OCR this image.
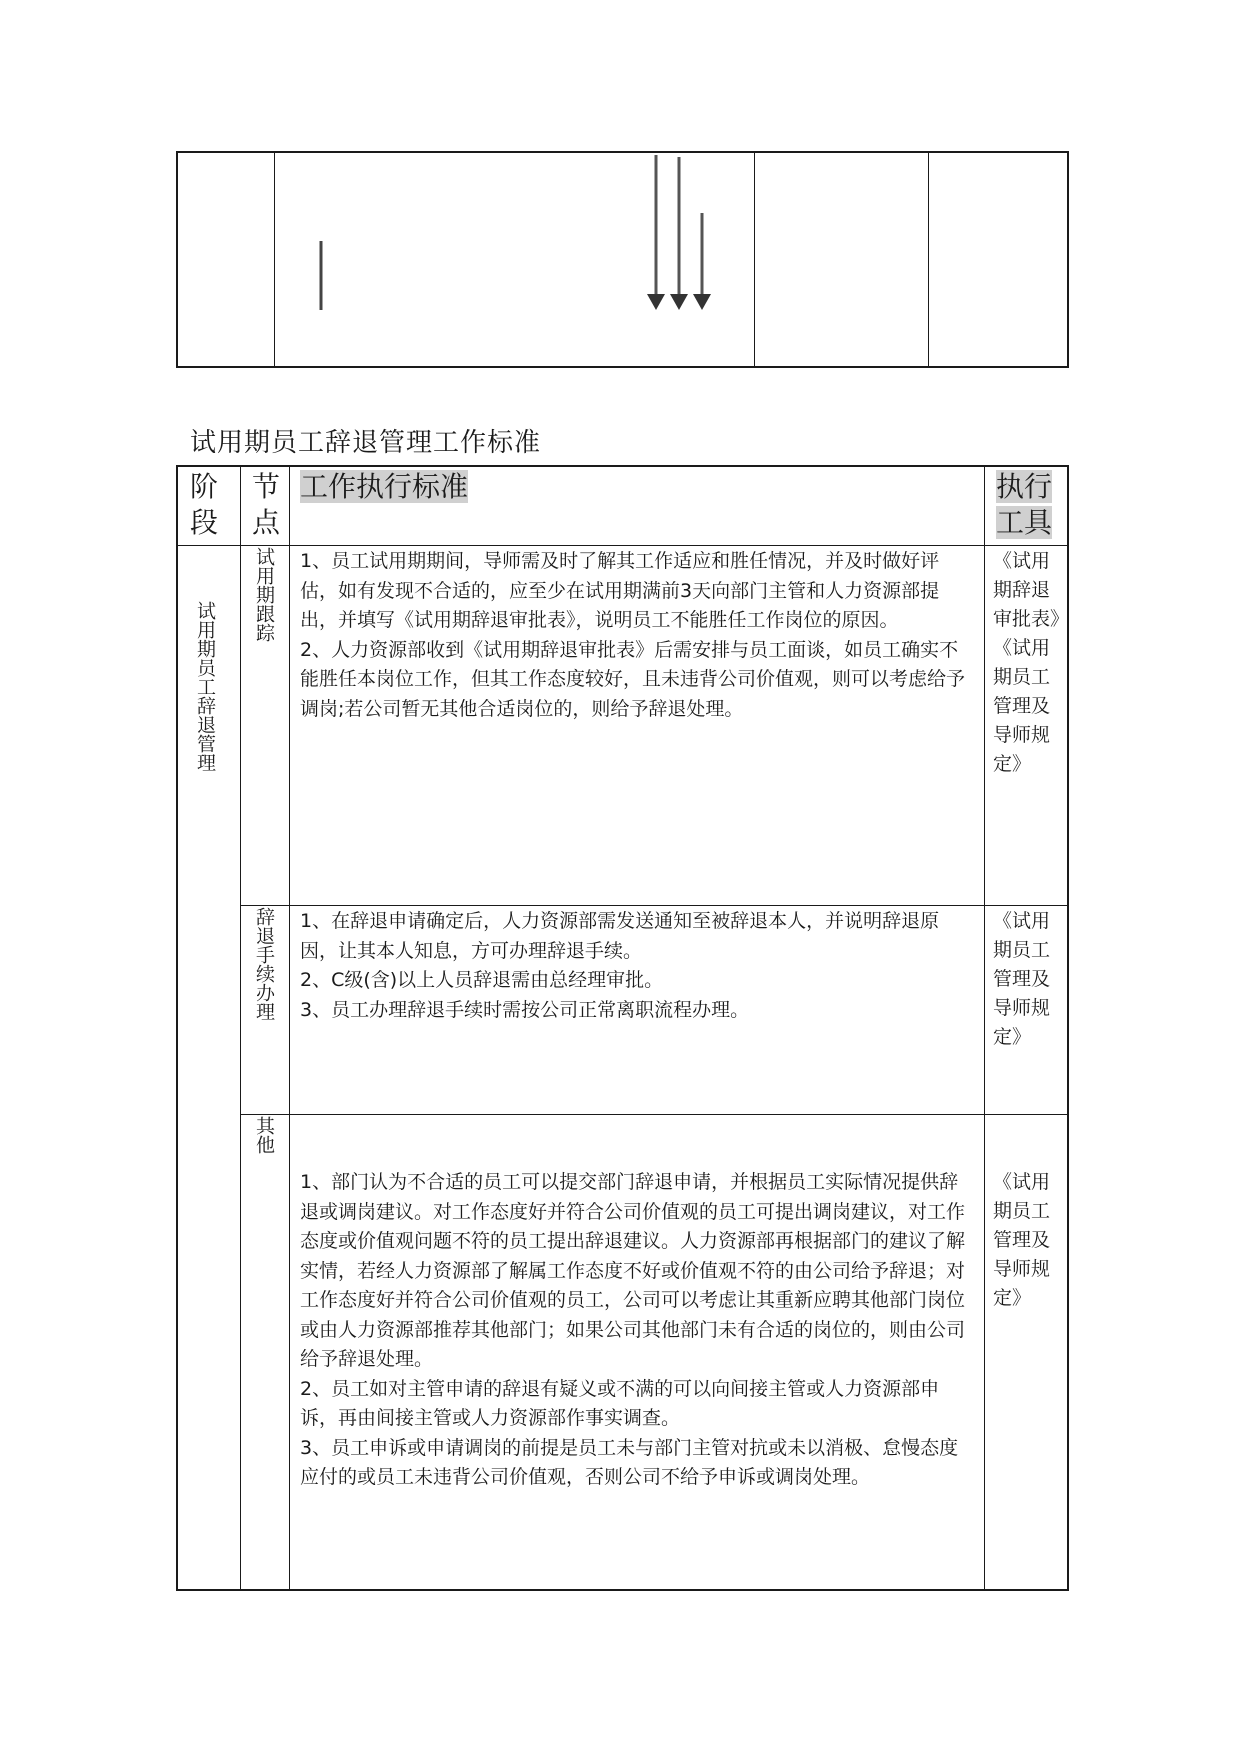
试用期员工辞退管理工作标准
阶段
节点
工作执行标准	执行工具
试用期员工辞退管理
试用期跟踪 1、员工试用期期间，导师需及时了解其工作适应和胜任情况，并及时做好评估，如有发现不合适的，应至少在试用期满前3天向部门主管和人力资源部提出，并填写《试用期辞退审批表》，说明员工不能胜任工作岗位的原因。

2、人力资源部收到《试用期辞退审批表》后需安排与员工面谈，如员工确实不能胜任本岗位工作，但其工作态度较好，且未违背公司价值观，则可以考虑给予调岗;若公司暂无其他合适岗位的，则给予辞退处理。

《试用期辞退审批表》《试用期员工管理及导师规定》
辞退手续办理 1、在辞退申请确定后，人力资源部需发送通知至被辞退本人，并说明辞退原因，让其本人知息，方可办理辞退手续。

2、C级(含)以上人员辞退需由总经理审批。

3、员工办理辞退手续时需按公司正常离职流程办理。

《试用期员工管理及导师规定》
其他

1、部门认为不合适的员工可以提交部门辞退申请，并根据员工实际情况提供辞退或调岗建议。对工作态度好并符合公司价值观的员工可提出调岗建议，对工作态度或价值观问题不符的员工提出辞退建议。人力资源部再根据部门的建议了解实情，若经人力资源部了解属工作态度不好或价值观不符的由公司给予辞退；对工作态度好并符合公司价值观的员工，公司可以考虑让其重新应聘其他部门岗位或由人力资源部推荐其他部门；如果公司其他部门未有合适的岗位的，则由公司给予辞退处理。

2、员工如对主管申请的辞退有疑义或不满的可以向间接主管或人力资源部申诉，再由间接主管或人力资源部作事实调查。

3、员工申诉或申请调岗的前提是员工未与部门主管对抗或未以消极、怠慢态度应付的或员工未违背公司价值观，否则公司不给予申诉或调岗处理。

《试用期员工管理及导师规定》
